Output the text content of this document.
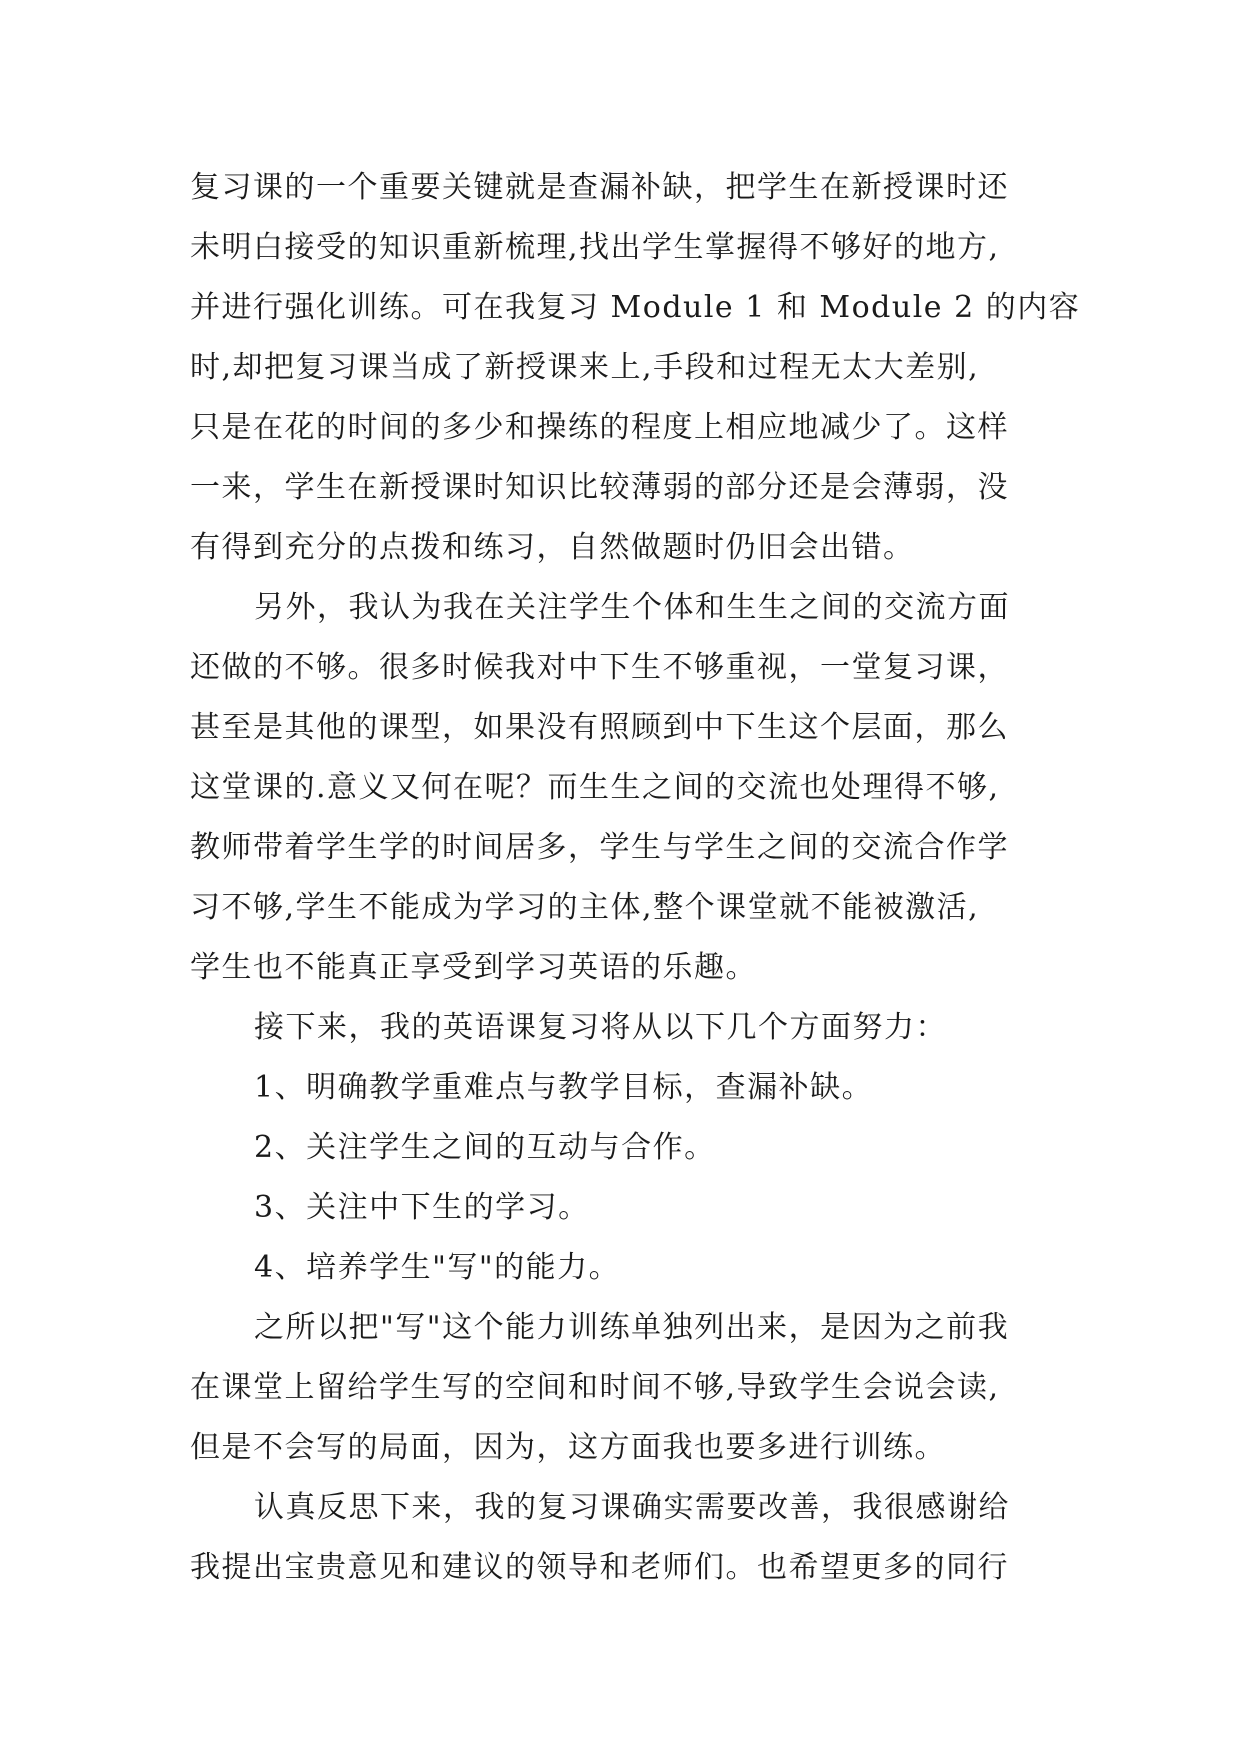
复习课的一个重要关键就是查漏补缺，把学生在新授课时还
未明白接受的知识重新梳理,找出学生掌握得不够好的地方,
并进行强化训练。可在我复习 Module 1 和 Module 2 的内容
时,却把复习课当成了新授课来上,手段和过程无太大差别,
只是在花的时间的多少和操练的程度上相应地减少了。这样
一来，学生在新授课时知识比较薄弱的部分还是会薄弱，没
有得到充分的点拨和练习，自然做题时仍旧会出错。
另外，我认为我在关注学生个体和生生之间的交流方面
还做的不够。很多时候我对中下生不够重视，一堂复习课，
甚至是其他的课型，如果没有照顾到中下生这个层面，那么
这堂课的.意义又何在呢？而生生之间的交流也处理得不够,
教师带着学生学的时间居多，学生与学生之间的交流合作学
习不够,学生不能成为学习的主体,整个课堂就不能被激活,
学生也不能真正享受到学习英语的乐趣。
接下来，我的英语课复习将从以下几个方面努力：
1、明确教学重难点与教学目标，查漏补缺。
2、关注学生之间的互动与合作。
3、关注中下生的学习。
4、培养学生"写"的能力。
之所以把"写"这个能力训练单独列出来，是因为之前我
在课堂上留给学生写的空间和时间不够,导致学生会说会读,
但是不会写的局面，因为，这方面我也要多进行训练。
认真反思下来，我的复习课确实需要改善，我很感谢给
我提出宝贵意见和建议的领导和老师们。也希望更多的同行
